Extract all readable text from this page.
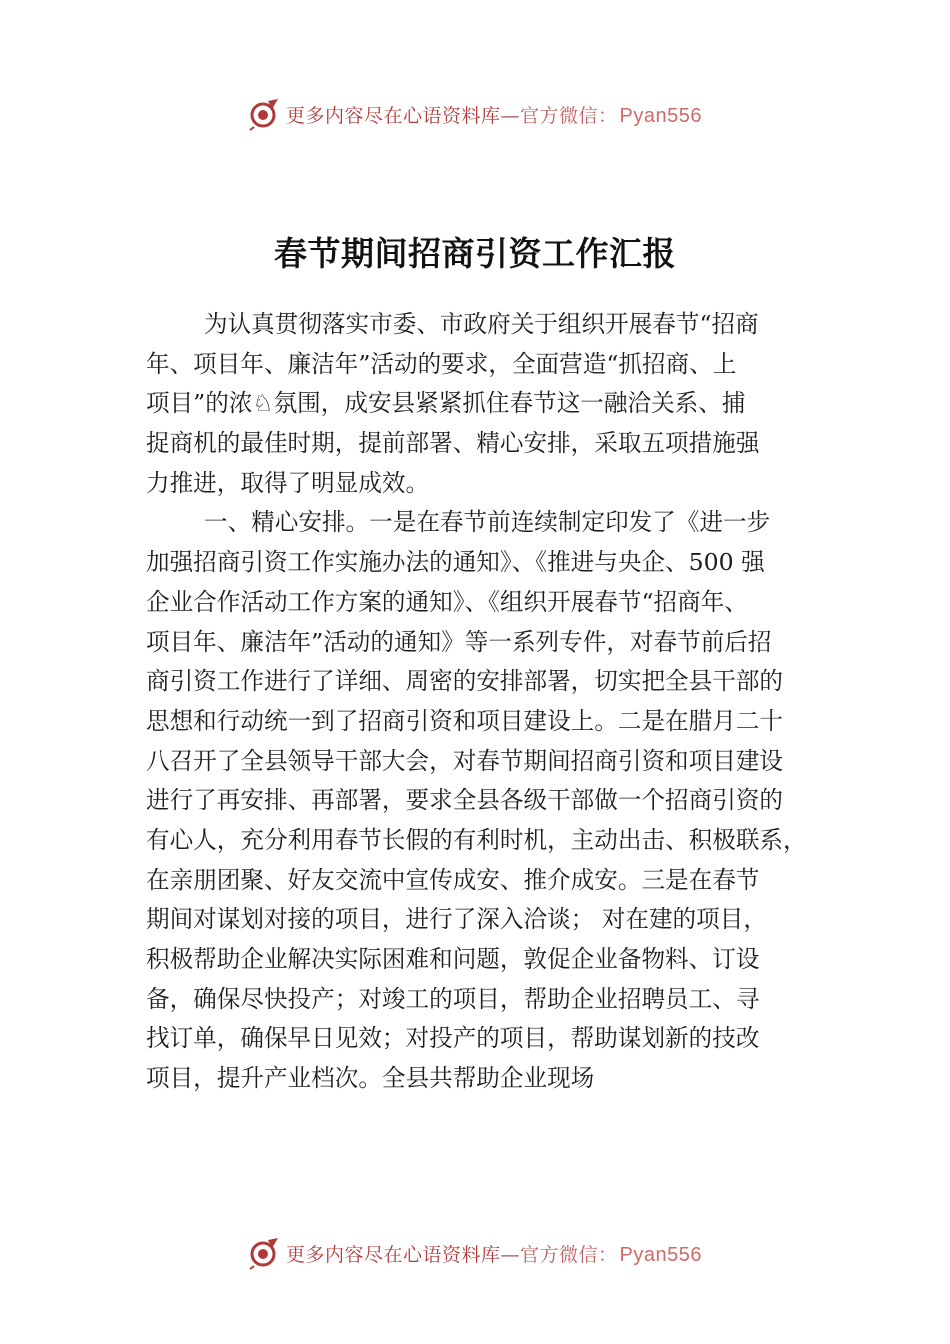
更多内容尽在心语资料库—官方微信： Pyan556
春节期间招商引资工作汇报
为认真贯彻落实市委、市政府关于组织开展春节“招商
年、项目年、廉洁年”活动的要求，全面营造“抓招商、上
项目”的浓♘氛围，成安县紧紧抓住春节这一融洽关系、捕
捉商机的最佳时期，提前部署、精心安排，采取五项措施强
力推进，取得了明显成效。
一、精心安排。一是在春节前连续制定印发了《进一步
加强招商引资工作实施办法的通知》、《推进与央企、500 强
企业合作活动工作方案的通知》、《组织开展春节“招商年、
项目年、廉洁年”活动的通知》等一系列专件，对春节前后招
商引资工作进行了详细、周密的安排部署，切实把全县干部的
思想和行动统一到了招商引资和项目建设上。二是在腊月二十
八召开了全县领导干部大会，对春节期间招商引资和项目建设
进行了再安排、再部署，要求全县各级干部做一个招商引资的
有心人，充分利用春节长假的有利时机，主动出击、积极联系，
在亲朋团聚、好友交流中宣传成安、推介成安。三是在春节
期间对谋划对接的项目，进行了深入洽谈； 对在建的项目，
积极帮助企业解决实际困难和问题，敦促企业备物料、订设
备，确保尽快投产；对竣工的项目，帮助企业招聘员工、寻
找订单，确保早日见效；对投产的项目，帮助谋划新的技改
项目，提升产业档次。全县共帮助企业现场
更多内容尽在心语资料库—官方微信： Pyan556
